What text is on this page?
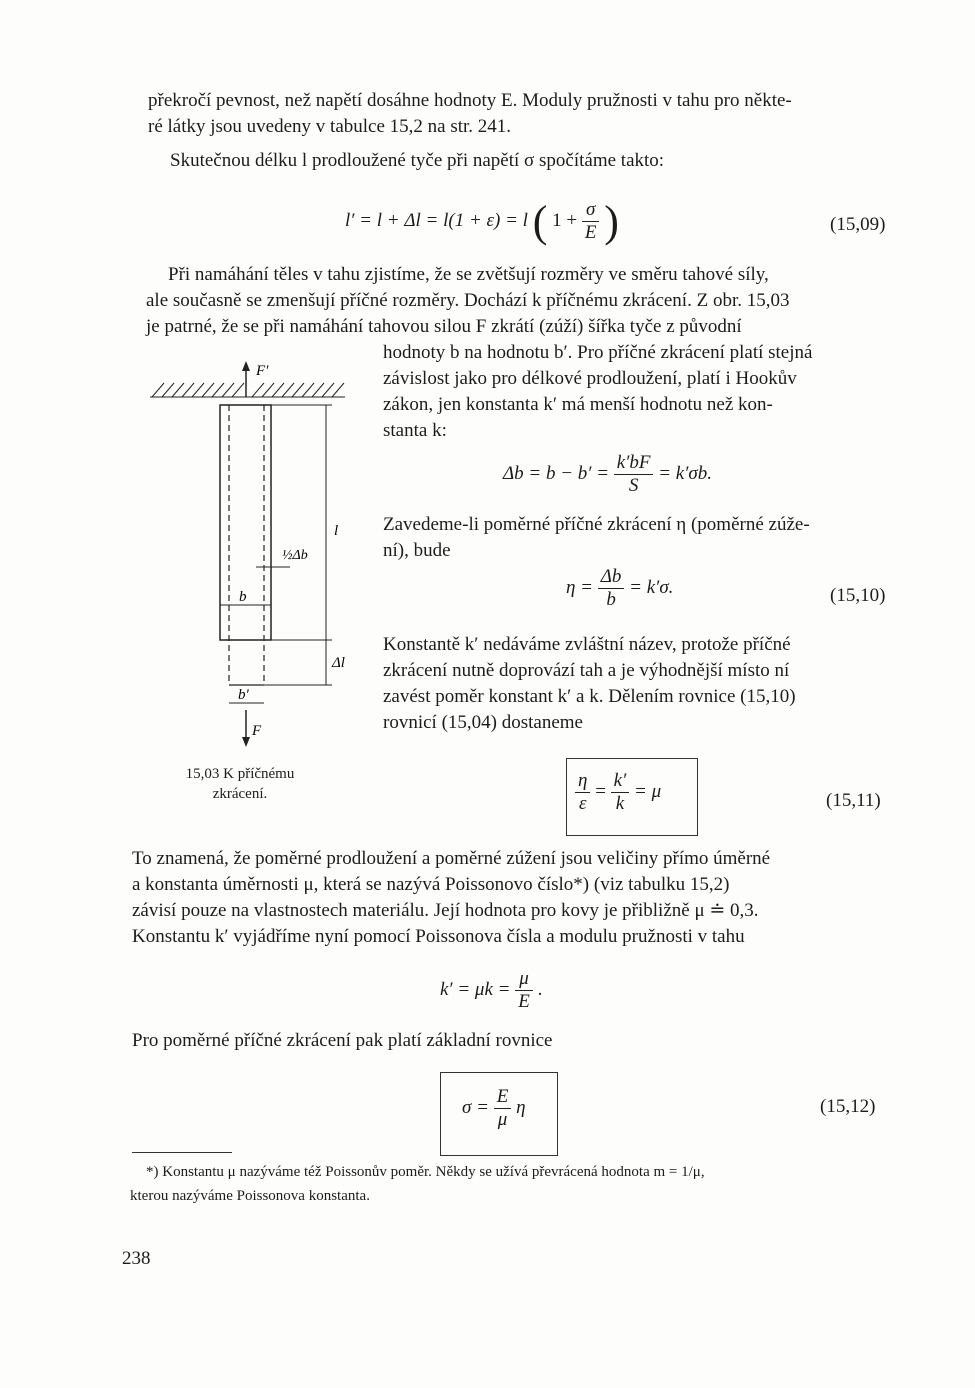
překročí pevnost, než napětí dosáhne hodnoty E. Moduly pružnosti v tahu pro někte-
ré látky jsou uvedeny v tabulce 15,2 na str. 241.
Skutečnou délku l prodloužené tyče při napětí σ spočítáme takto:
l′ = l + Δl = l(1 + ε) = l ( $1 + \frac{\sigma}{E}$ )	(15,09)
Při namáhání těles v tahu zjistíme, že se zvětšují rozměry ve směru tahové síly,
ale současně se zmenšují příčné rozměry. Dochází k příčnému zkrácení. Z obr. 15,03
je patrné, že se při namáhání tahovou silou F zkrátí (zúží) šířka tyče z původní
hodnoty b na hodnotu b′. Pro příčné zkrácení platí stejná
závislost jako pro délkové prodloužení, platí i Hookův
zákon, jen konstanta k′ má menší hodnotu než kon-
stanta k:
$\Delta b = b - b' = \frac{k'bF}{S} = k'\sigma b$.
Zavedeme-li poměrné příčné zkrácení η (poměrné zúže-
ní), bude
$\eta = \frac{\Delta b}{b} = k'\sigma$.	(15,10)
Konstantě k′ nedáváme zvláštní název, protože příčné
zkrácení nutně doprovází tah a je výhodnější místo ní
zavést poměr konstant k′ a k. Dělením rovnice (15,10)
rovnicí (15,04) dostaneme
F′
½Δb
b
l
Δl
b′
F
15,03 K příčnému
zkrácení.	$\frac{\eta}{\varepsilon} = \frac{k'}{k} = \mu$	(15,11)
To znamená, že poměrné prodloužení a poměrné zúžení jsou veličiny přímo úměrné
a konstanta úměrnosti μ, která se nazývá Poissonovo číslo*) (viz tabulku 15,2)
závisí pouze na vlastnostech materiálu. Její hodnota pro kovy je přibližně μ ≐ 0,3.
Konstantu k′ vyjádříme nyní pomocí Poissonova čísla a modulu pružnosti v tahu
$k' = \mu k = \frac{\mu}{E}$ .
Pro poměrné příčné zkrácení pak platí základní rovnice
$\sigma = \frac{E}{\mu}$ η	(15,12)
*) Konstantu μ nazýváme též Poissonův poměr. Někdy se užívá převrácená hodnota m = 1/μ,
kterou nazýváme Poissonova konstanta.
238
